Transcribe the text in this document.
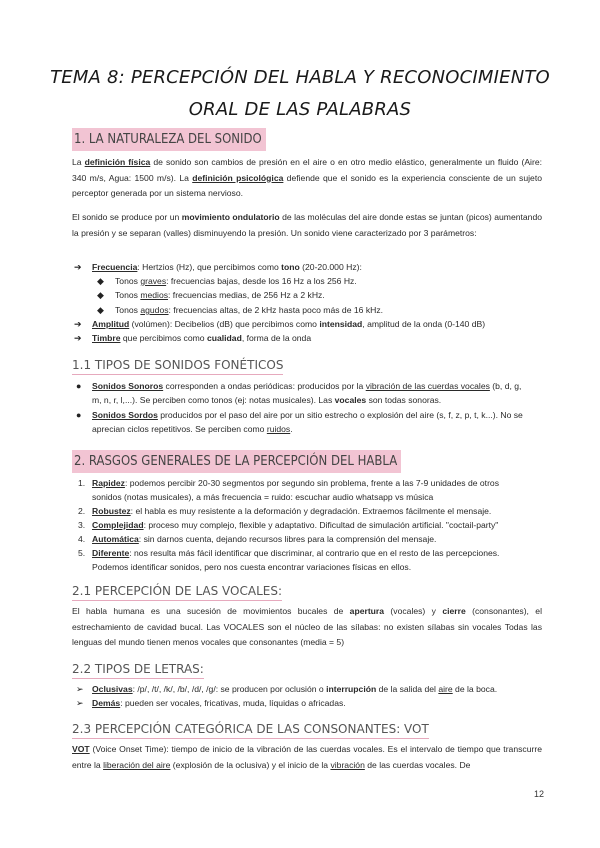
TEMA 8: PERCEPCIÓN DEL HABLA Y RECONOCIMIENTO
ORAL DE LAS PALABRAS
1. LA NATURALEZA DEL SONIDO
La definición física de sonido son cambios de presión en el aire o en otro medio elástico, generalmente un fluido (Aire: 340 m/s, Agua: 1500 m/s). La definición psicológica defiende que el sonido es la experiencia consciente de un sujeto perceptor generada por un sistema nervioso.
El sonido se produce por un movimiento ondulatorio de las moléculas del aire donde estas se juntan (picos) aumentando la presión y se separan (valles) disminuyendo la presión. Un sonido viene caracterizado por 3 parámetros:
➔ Frecuencia: Hertzios (Hz), que percibimos como tono (20-20.000 Hz):
◆ Tonos graves: frecuencias bajas, desde los 16 Hz a los 256 Hz.
◆ Tonos medios: frecuencias medias, de 256 Hz a 2 kHz.
◆ Tonos agudos: frecuencias altas, de 2 kHz hasta poco más de 16 kHz.
➔ Amplitud (volúmen): Decibelios (dB) que percibimos como intensidad, amplitud de la onda (0-140 dB)
➔ Timbre que percibimos como cualidad, forma de la onda
1.1 TIPOS DE SONIDOS FONÉTICOS
● Sonidos Sonoros corresponden a ondas periódicas: producidos por la vibración de las cuerdas vocales (b, d, g,
m, n, r, l,...). Se perciben como tonos (ej: notas musicales). Las vocales son todas sonoras.
● Sonidos Sordos producidos por el paso del aire por un sitio estrecho o explosión del aire (s, f, z, p, t, k...). No se
aprecian ciclos repetitivos. Se perciben como ruidos.
2. RASGOS GENERALES DE LA PERCEPCIÓN DEL HABLA
1. Rapidez: podemos percibir 20-30 segmentos por segundo sin problema, frente a las 7-9 unidades de otros
sonidos (notas musicales), a más frecuencia = ruido: escuchar audio whatsapp vs música
2. Robustez: el habla es muy resistente a la deformación y degradación. Extraemos fácilmente el mensaje.
3. Complejidad: proceso muy complejo, flexible y adaptativo. Dificultad de simulación artificial. "coctail-party"
4. Automática: sin darnos cuenta, dejando recursos libres para la comprensión del mensaje.
5. Diferente: nos resulta más fácil identificar que discriminar, al contrario que en el resto de las percepciones.
Podemos identificar sonidos, pero nos cuesta encontrar variaciones físicas en ellos.
2.1 PERCEPCIÓN DE LAS VOCALES:
El habla humana es una sucesión de movimientos bucales de apertura (vocales) y cierre (consonantes), el estrechamiento de cavidad bucal. Las VOCALES son el núcleo de las sílabas: no existen sílabas sin vocales Todas las lenguas del mundo tienen menos vocales que consonantes (media = 5)
2.2 TIPOS DE LETRAS:
➢ Oclusivas: /p/, /t/, /k/, /b/, /d/, /g/: se producen por oclusión o interrupción de la salida del aire de la boca.
➢ Demás: pueden ser vocales, fricativas, muda, líquidas o africadas.
2.3 PERCEPCIÓN CATEGÓRICA DE LAS CONSONANTES: VOT
VOT (Voice Onset Time): tiempo de inicio de la vibración de las cuerdas vocales. Es el intervalo de tiempo que transcurre entre la liberación del aire (explosión de la oclusiva) y el inicio de la vibración de las cuerdas vocales. De
12
